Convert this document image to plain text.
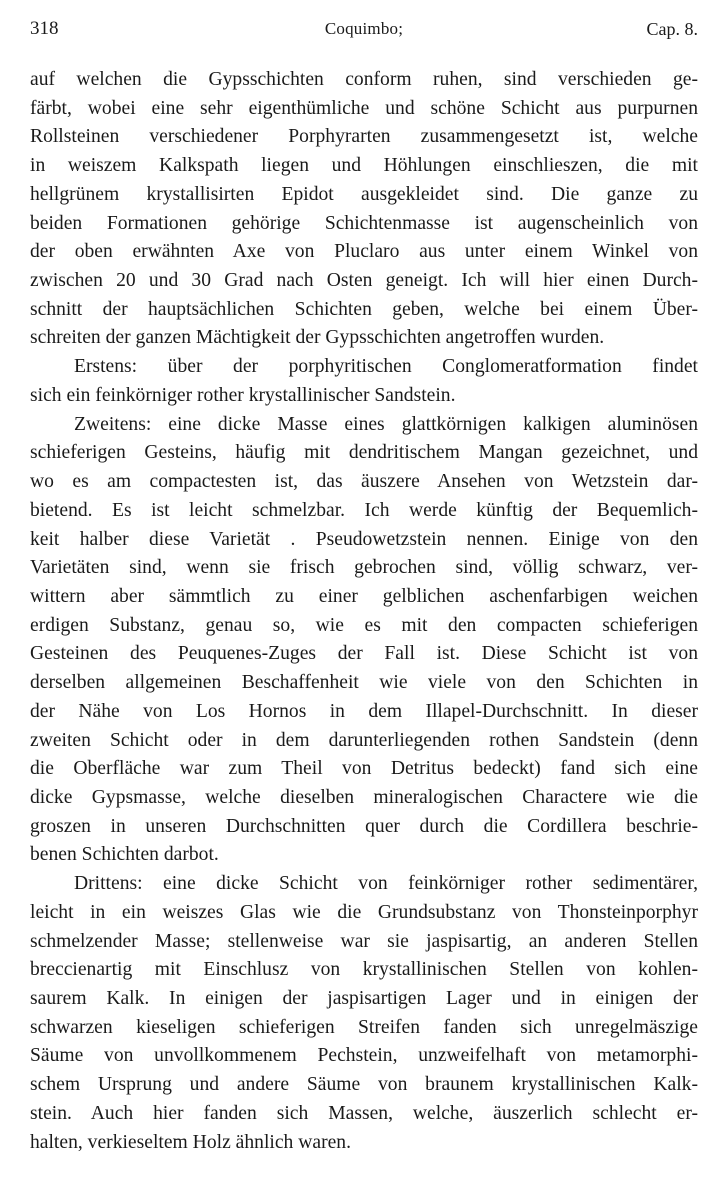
318	Coquimbo;	Cap. 8.
auf welchen die Gypsschichten conform ruhen, sind verschieden ge-
färbt, wobei eine sehr eigenthümliche und schöne Schicht aus purpurnen
Rollsteinen verschiedener Porphyrarten zusammengesetzt ist, welche
in weiszem Kalkspath liegen und Höhlungen einschlieszen, die mit
hellgrünem krystallisirten Epidot ausgekleidet sind. Die ganze zu
beiden Formationen gehörige Schichtenmasse ist augenscheinlich von
der oben erwähnten Axe von Pluclaro aus unter einem Winkel von
zwischen 20 und 30 Grad nach Osten geneigt. Ich will hier einen Durch-
schnitt der hauptsächlichen Schichten geben, welche bei einem Über-
schreiten der ganzen Mächtigkeit der Gypsschichten angetroffen wurden.
Erstens: über der porphyritischen Conglomeratformation findet
sich ein feinkörniger rother krystallinischer Sandstein.
Zweitens: eine dicke Masse eines glattkörnigen kalkigen aluminösen
schieferigen Gesteins, häufig mit dendritischem Mangan gezeichnet, und
wo es am compactesten ist, das äuszere Ansehen von Wetzstein dar-
bietend. Es ist leicht schmelzbar. Ich werde künftig der Bequemlich-
keit halber diese Varietät . Pseudowetzstein nennen. Einige von den
Varietäten sind, wenn sie frisch gebrochen sind, völlig schwarz, ver-
wittern aber sämmtlich zu einer gelblichen aschenfarbigen weichen
erdigen Substanz, genau so, wie es mit den compacten schieferigen
Gesteinen des Peuquenes-Zuges der Fall ist. Diese Schicht ist von
derselben allgemeinen Beschaffenheit wie viele von den Schichten in
der Nähe von Los Hornos in dem Illapel-Durchschnitt. In dieser
zweiten Schicht oder in dem darunterliegenden rothen Sandstein (denn
die Oberfläche war zum Theil von Detritus bedeckt) fand sich eine
dicke Gypsmasse, welche dieselben mineralogischen Charactere wie die
groszen in unseren Durchschnitten quer durch die Cordillera beschrie-
benen Schichten darbot.
Drittens: eine dicke Schicht von feinkörniger rother sedimentärer,
leicht in ein weiszes Glas wie die Grundsubstanz von Thonsteinporphyr
schmelzender Masse; stellenweise war sie jaspisartig, an anderen Stellen
breccienartig mit Einschlusz von krystallinischen Stellen von kohlen-
saurem Kalk. In einigen der jaspisartigen Lager und in einigen der
schwarzen kieseligen schieferigen Streifen fanden sich unregelmäszige
Säume von unvollkommenem Pechstein, unzweifelhaft von metamorphi-
schem Ursprung und andere Säume von braunem krystallinischen Kalk-
stein. Auch hier fanden sich Massen, welche, äuszerlich schlecht er-
halten, verkieseltem Holz ähnlich waren.
